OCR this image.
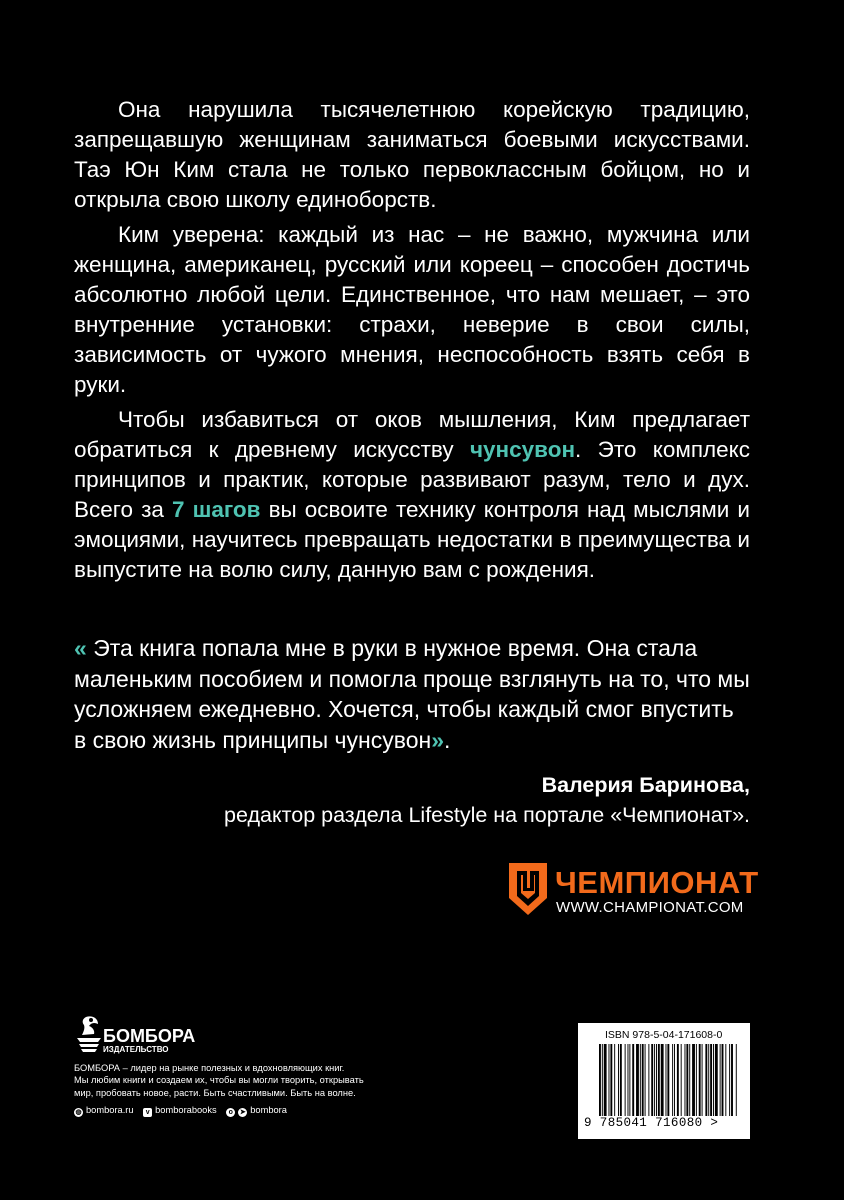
Она нарушила тысячелетнюю корейскую традицию, запрещавшую женщинам заниматься боевыми искусствами. Таэ Юн Ким стала не только первоклассным бойцом, но и открыла свою школу единоборств.

Ким уверена: каждый из нас – не важно, мужчина или женщина, американец, русский или кореец – способен достичь абсолютно любой цели. Единственное, что нам мешает, – это внутренние установки: страхи, неверие в свои силы, зависимость от чужого мнения, неспособность взять себя в руки.

Чтобы избавиться от оков мышления, Ким предлагает обратиться к древнему искусству чунсувон. Это комплекс принципов и практик, которые развивают разум, тело и дух. Всего за 7 шагов вы освоите технику контроля над мыслями и эмоциями, научитесь превращать недостатки в преимущества и выпустите на волю силу, данную вам с рождения.

« Эта книга попала мне в руки в нужное время. Она стала маленьким пособием и помогла проще взглянуть на то, что мы усложняем ежедневно. Хочется, чтобы каждый смог впустить в свою жизнь принципы чунсувон».

Валерия Баринова,
редактор раздела Lifestyle на портале «Чемпионат».
ЧЕМПИОНАТ
WWW.CHAMPIONAT.COM
БОМБОРА
ИЗДАТЕЛЬСТВО

БОМБОРА – лидер на рынке полезных и вдохновляющих книг.

Мы любим книги и создаем их, чтобы вы могли творить, открывать

мир, пробовать новое, расти. Быть счастливыми. Быть на волне.

◍ bombora.ru v bomborabooks o ➤ bombora
ISBN 978-5-04-171608-0
9 785041 716080 >
